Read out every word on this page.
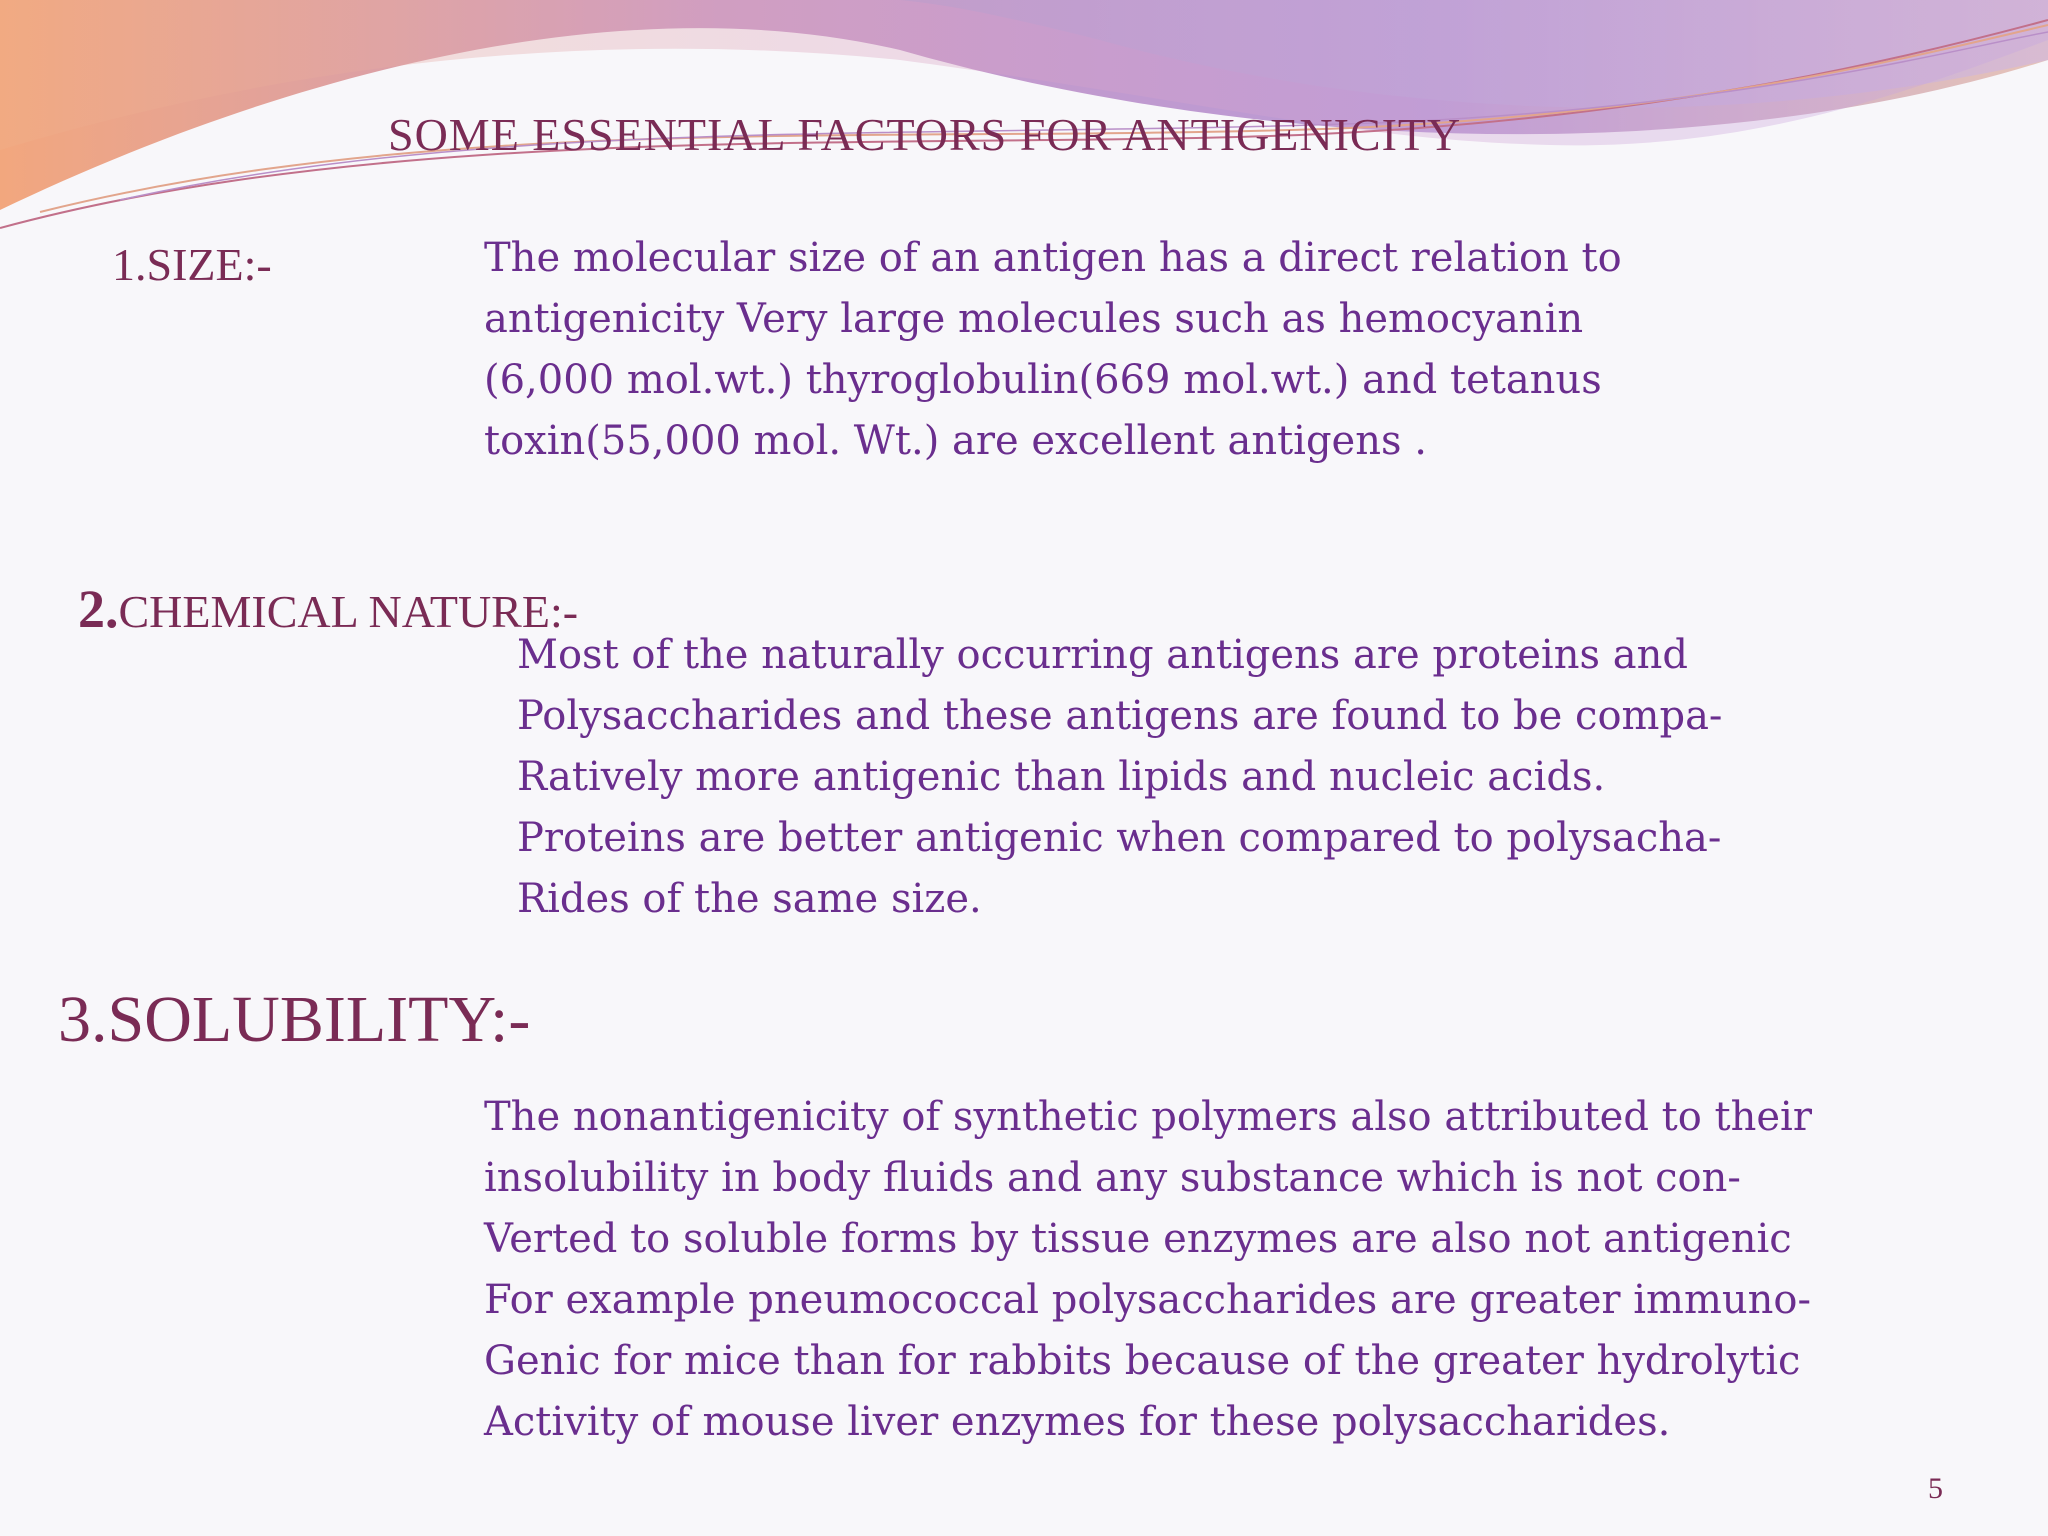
SOME ESSENTIAL FACTORS FOR ANTIGENICITY
1.SIZE:-	The molecular size of an antigen has a direct relation to
antigenicity Very large molecules such as hemocyanin
(6,000 mol.wt.) thyroglobulin(669 mol.wt.) and tetanus
toxin(55,000 mol. Wt.) are excellent antigens .
2.CHEMICAL NATURE:-
Most of the naturally occurring antigens are proteins and
Polysaccharides and these antigens are found to be compa-
Ratively more antigenic than lipids and nucleic acids.
Proteins are better antigenic when compared to polysacha-
Rides of the same size.
3.SOLUBILITY:-
The nonantigenicity of synthetic polymers also attributed to their
insolubility in body fluids and any substance which is not con-
Verted to soluble forms by tissue enzymes are also not antigenic
For example pneumococcal polysaccharides are greater immuno-
Genic for mice than for rabbits because of the greater hydrolytic
Activity of mouse liver enzymes for these polysaccharides.
5
